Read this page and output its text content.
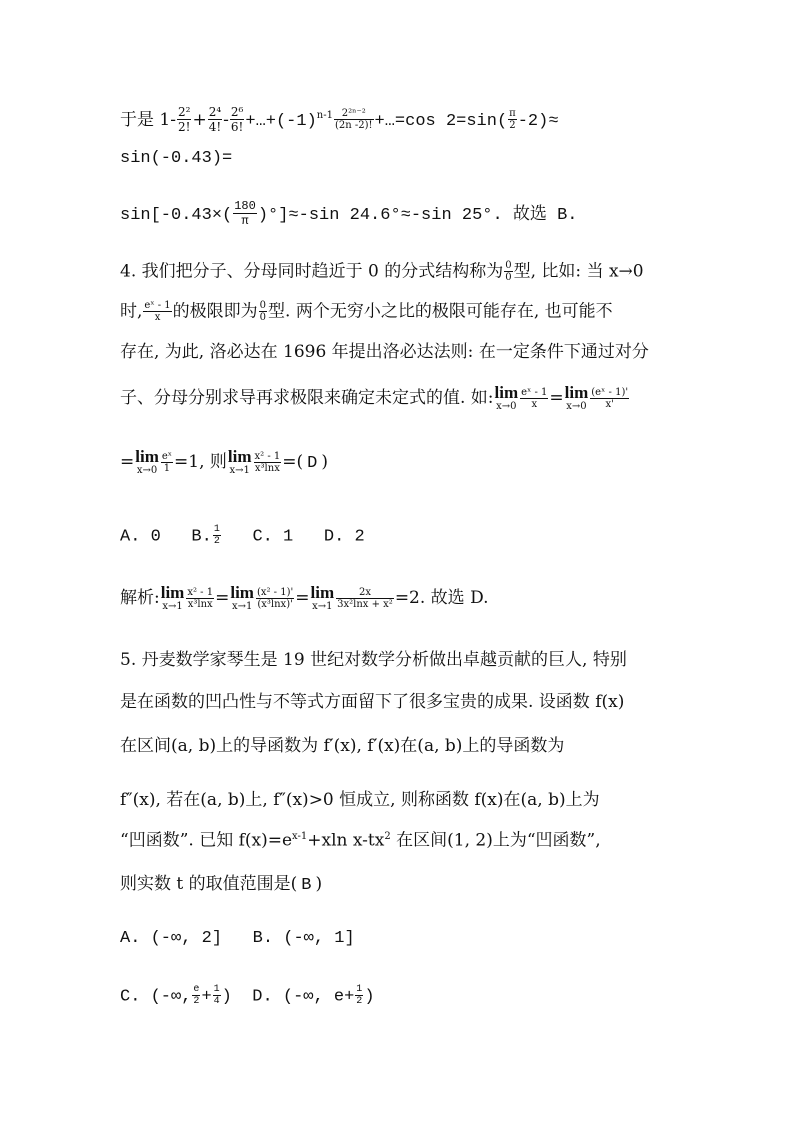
于是 $1- \frac{\text{2²}}{2!} + \frac{\text{2⁴}}{4!} - \frac{\text{2⁶}}{6!}$ $+\dots+(-1)^{n-1} \frac{\text{2²ⁿ⁻²}}{(2n -2)!}$ +…=cos $2=\sin( \frac{\pi}{2} -2)\approx$
sin(-0.43)=
$\sin[-0.43\times( \frac{180}{\pi} )^\circ]\approx-\sin$ 24.6°≈-sin 25°. 故选 B.
4. 我们把分子、分母同时趋近于 0 的分式结构称为 $\frac{0}{0}$ 型, 比如: 当 x→0
时, $\frac{\text{eˣ - 1}}{x}$ 的极限即为 $\frac{0}{0}$ 型. 两个无穷小之比的极限可能存在, 也可能不
存在, 为此, 洛必达在 1696 年提出洛必达法则: 在一定条件下通过对分
子、分母分别求导再求极限来确定未定式的值. 如: lim
$x\to 0 \frac{\text{eˣ - 1}}{x} = \lim$
$x\to 0 \frac{\text{(eˣ - 1)'}}{x'}$
= lim
$x\to 0 \frac{\text{eˣ}}{1} =1$, 则 lim
$x\to 1 \frac{\text{x² - 1}}{\text{x³lnx}}$ =( D )
A. 0 B. $\frac{1}{2} C$. 1 D. 2
解析: lim
$x\to 1 \frac{\text{x² - 1}}{\text{x³lnx}} = \lim$
$x\to 1 \frac{\text{(x² - 1)'}}{\text{(x³lnx)'}} = \lim$
$x\to 1 \frac{2x}{\text{3x²lnx + x²}} =2$. 故选 D.
5. 丹麦数学家琴生是 19 世纪对数学分析做出卓越贡献的巨人, 特别
是在函数的凹凸性与不等式方面留下了很多宝贵的成果. 设函数 f(x)
在区间(a, b)上的导函数为 f′(x), f′(x)在(a, b)上的导函数为
f″(x), 若在(a, b)上, f″(x)>0 恒成立, 则称函数 f(x)在(a, b)上为
“凹函数”. 已知 $f(x)=e^{x-1}+xln$ $x-tx^2$ 在区间(1, 2)上为“凹函数”,
则实数 t 的取值范围是( B )
A. (-∞, 2] B. (-∞, 1]
C. (-∞, $\frac{e}{2} + \frac{1}{4}$ ) D. (-∞, $e+ \frac{1}{2}$ )
